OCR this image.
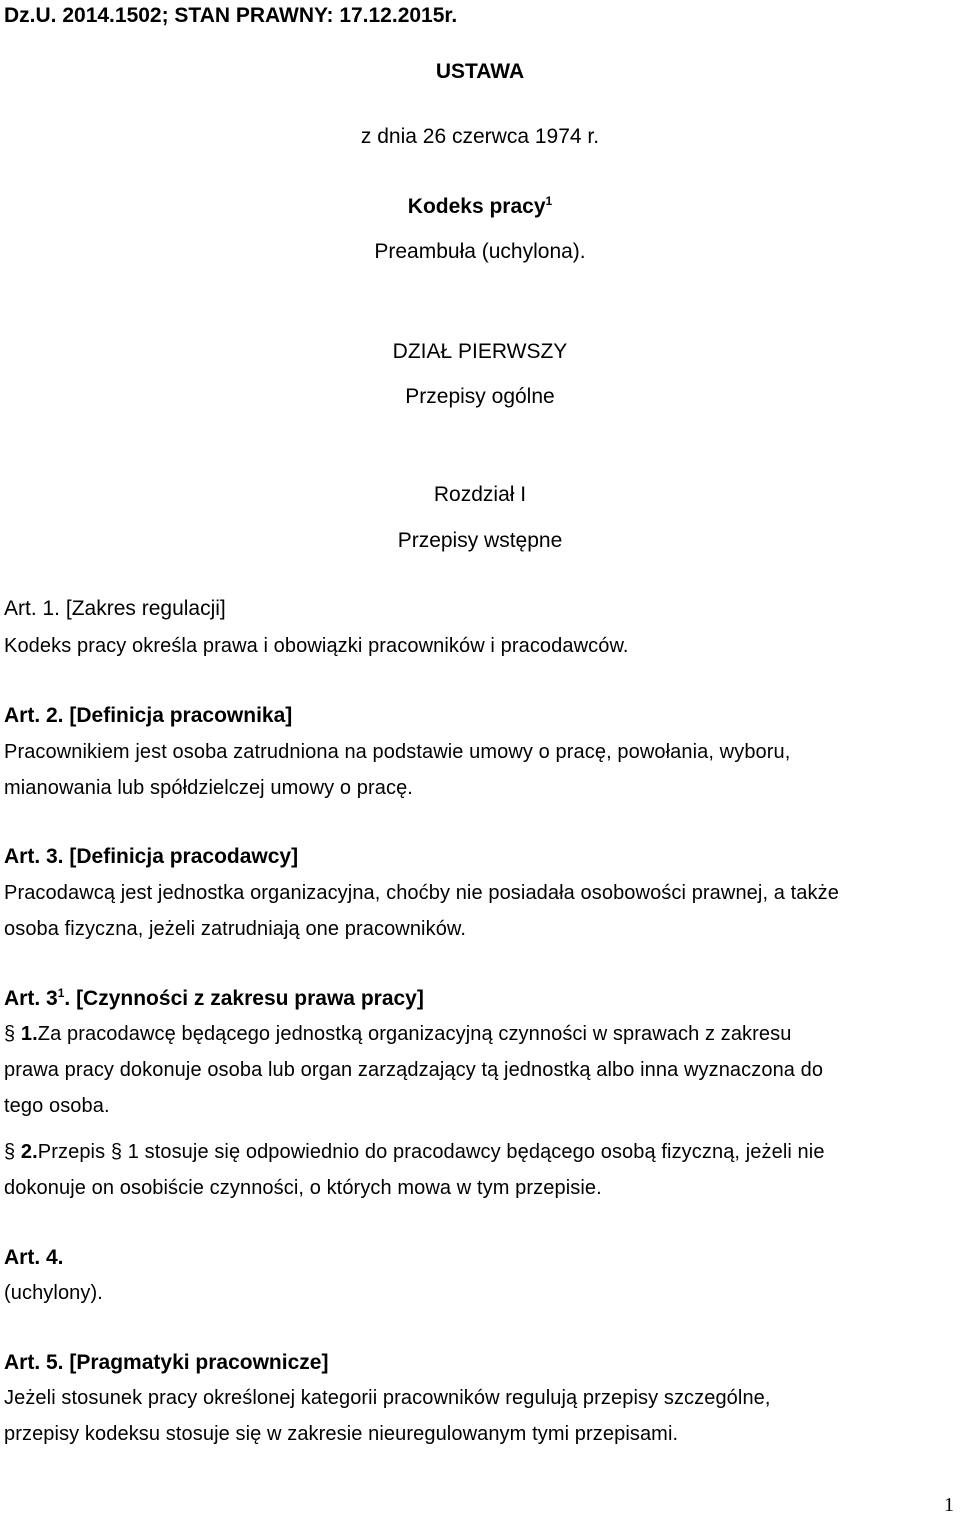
Dz.U. 2014.1502; STAN PRAWNY: 17.12.2015r.
USTAWA
z dnia 26 czerwca 1974 r.
Kodeks pracy$^1$
Preambuła (uchylona).
DZIAŁ PIERWSZY
Przepisy ogólne
Rozdział I
Przepisy wstępne
Art. 1. [Zakres regulacji]
Kodeks pracy określa prawa i obowiązki pracowników i pracodawców.
Art. 2. [Definicja pracownika]
Pracownikiem jest osoba zatrudniona na podstawie umowy o pracę, powołania, wyboru,
mianowania lub spółdzielczej umowy o pracę.
Art. 3. [Definicja pracodawcy]
Pracodawcą jest jednostka organizacyjna, choćby nie posiadała osobowości prawnej, a także
osoba fizyczna, jeżeli zatrudniają one pracowników.
Art. $3^1$. [Czynności z zakresu prawa pracy]
§ 1.Za pracodawcę będącego jednostką organizacyjną czynności w sprawach z zakresu
prawa pracy dokonuje osoba lub organ zarządzający tą jednostką albo inna wyznaczona do
tego osoba.
§ 2.Przepis § 1 stosuje się odpowiednio do pracodawcy będącego osobą fizyczną, jeżeli nie
dokonuje on osobiście czynności, o których mowa w tym przepisie.
Art. 4.
(uchylony).
Art. 5. [Pragmatyki pracownicze]
Jeżeli stosunek pracy określonej kategorii pracowników regulują przepisy szczególne,
przepisy kodeksu stosuje się w zakresie nieuregulowanym tymi przepisami.
1
